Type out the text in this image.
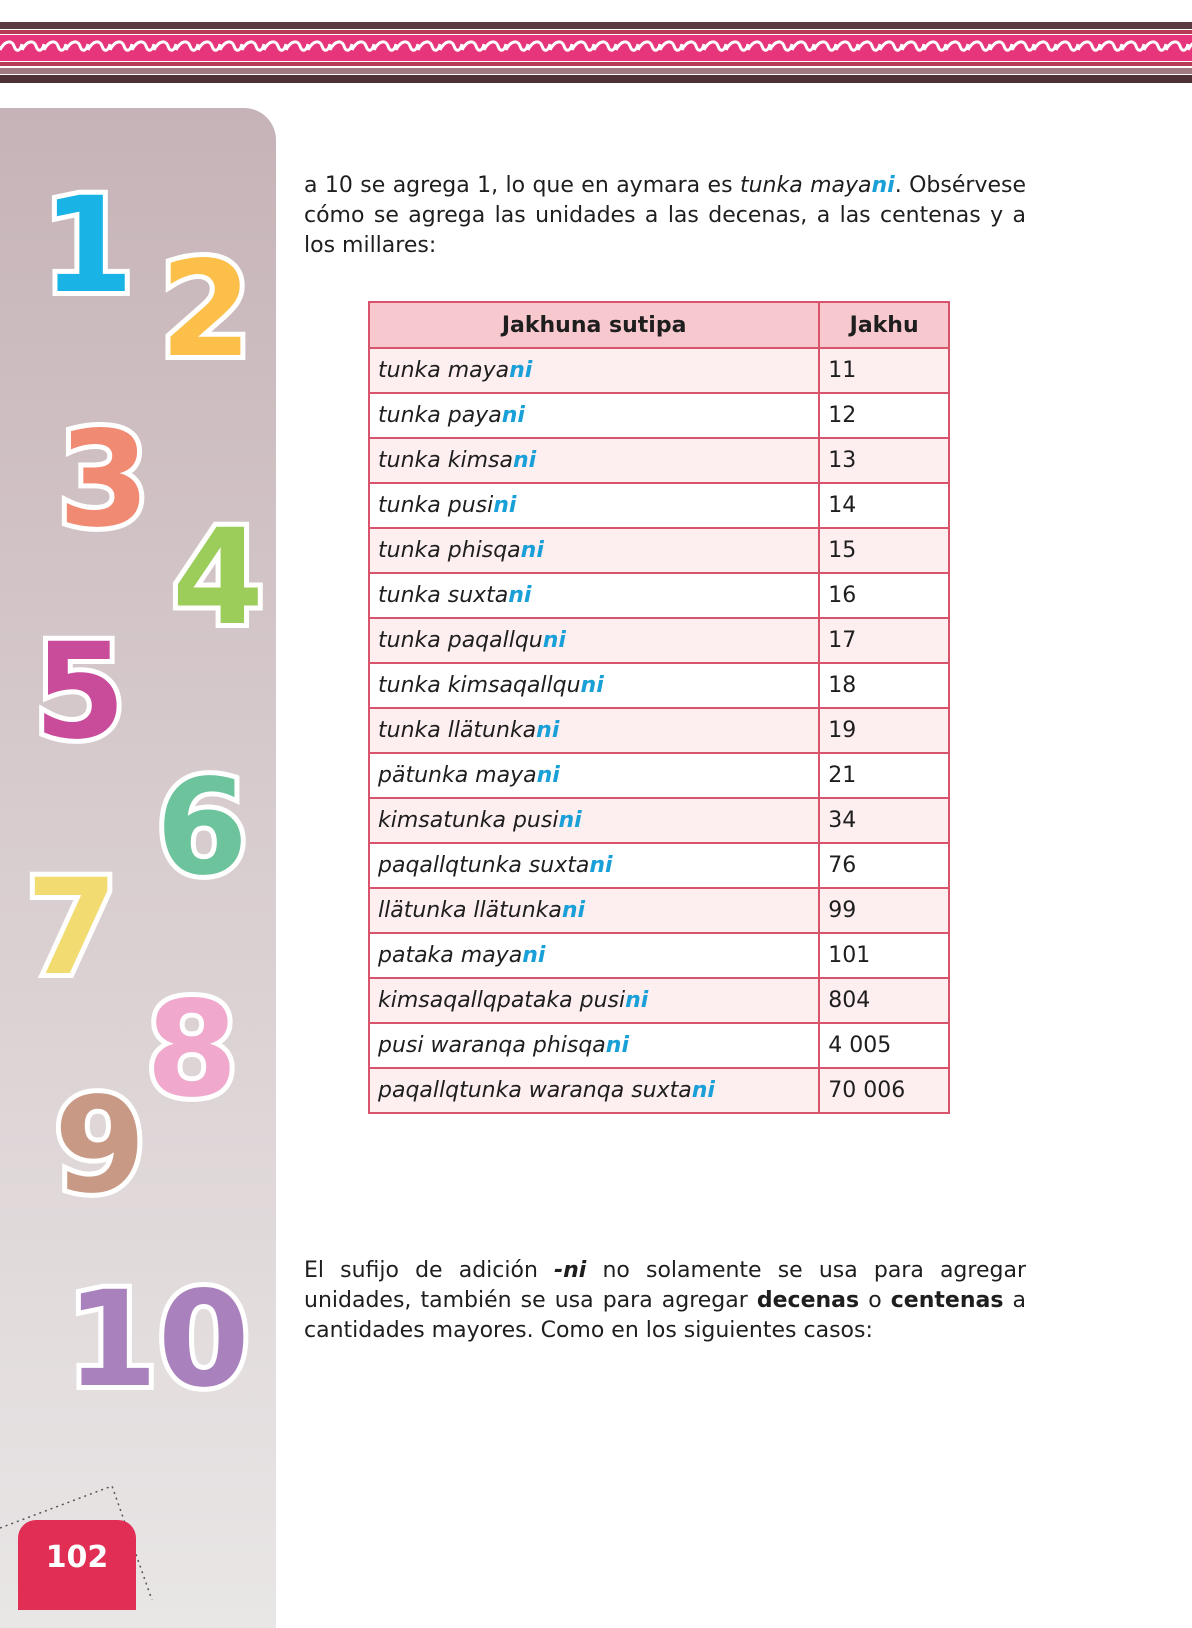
1 2
3
4
5
6
7
8
9
10
102

a 10 se agrega 1, lo que en aymara es tunka mayani. Obsérvese cómo se agrega las unidades a las decenas, a las centenas y a los millares:

Jakhuna sutipa	Jakhu
tunka mayani	11
tunka payani	12
tunka kimsani	13
tunka pusini	14
tunka phisqani	15
tunka suxtani	16
tunka paqallquni	17
tunka kimsaqallquni	18
tunka llätunkani	19
pätunka mayani	21
kimsatunka pusini	34
paqallqtunka suxtani	76
llätunka llätunkani	99
pataka mayani	101
kimsaqallqpataka pusini	804
pusi waranqa phisqani	4 005
paqallqtunka waranqa suxtani	70 006

El sufijo de adición -ni no solamente se usa para agregar unidades, también se usa para agregar decenas o centenas a cantidades mayores. Como en los siguientes casos:
